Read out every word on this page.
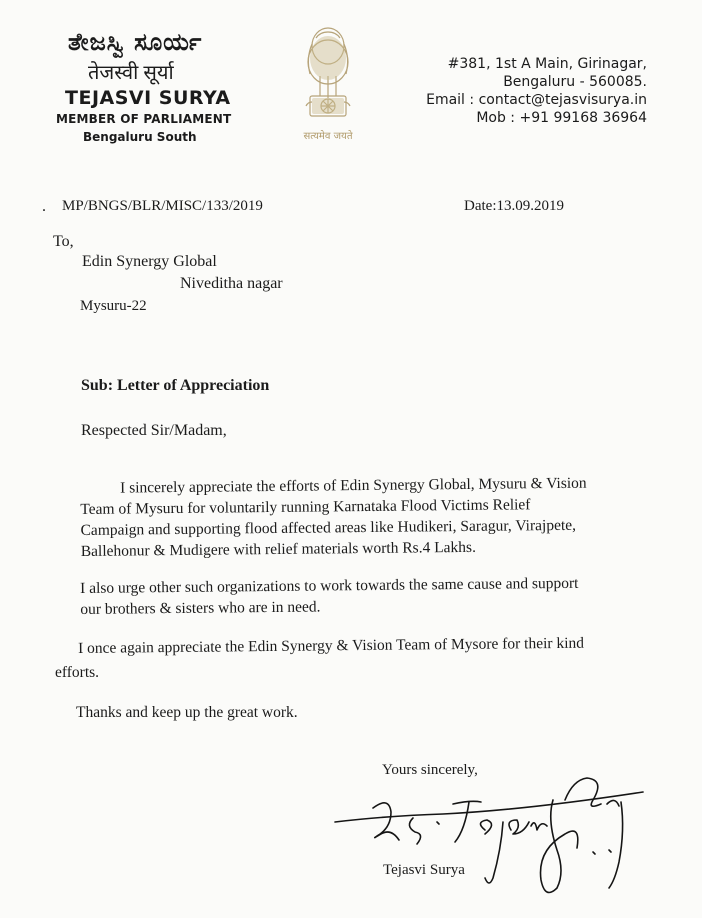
ತೇಜಸ್ವಿ ಸೂರ್ಯ
तेजस्वी सूर्या
TEJASVI SURYA
MEMBER OF PARLIAMENT
Bengaluru South	सत्यमेव जयते
#381, 1st A Main, Girinagar,
Bengaluru - 560085.
Email : contact@tejasvisurya.in
Mob : +91 99168 36964
. MP/BNGS/BLR/MISC/133/2019	Date:13.09.2019
To,
Edin Synergy Global
Niveditha nagar
Mysuru-22
Sub: Letter of Appreciation
Respected Sir/Madam,
I sincerely appreciate the efforts of Edin Synergy Global, Mysuru & Vision
Team of Mysuru for voluntarily running Karnataka Flood Victims Relief
Campaign and supporting flood affected areas like Hudikeri, Saragur, Virajpete,
Ballehonur & Mudigere with relief materials worth Rs.4 Lakhs.
I also urge other such organizations to work towards the same cause and support
our brothers & sisters who are in need.
I once again appreciate the Edin Synergy & Vision Team of Mysore for their kind
efforts.
Thanks and keep up the great work.
Yours sincerely,
Tejasvi Surya
